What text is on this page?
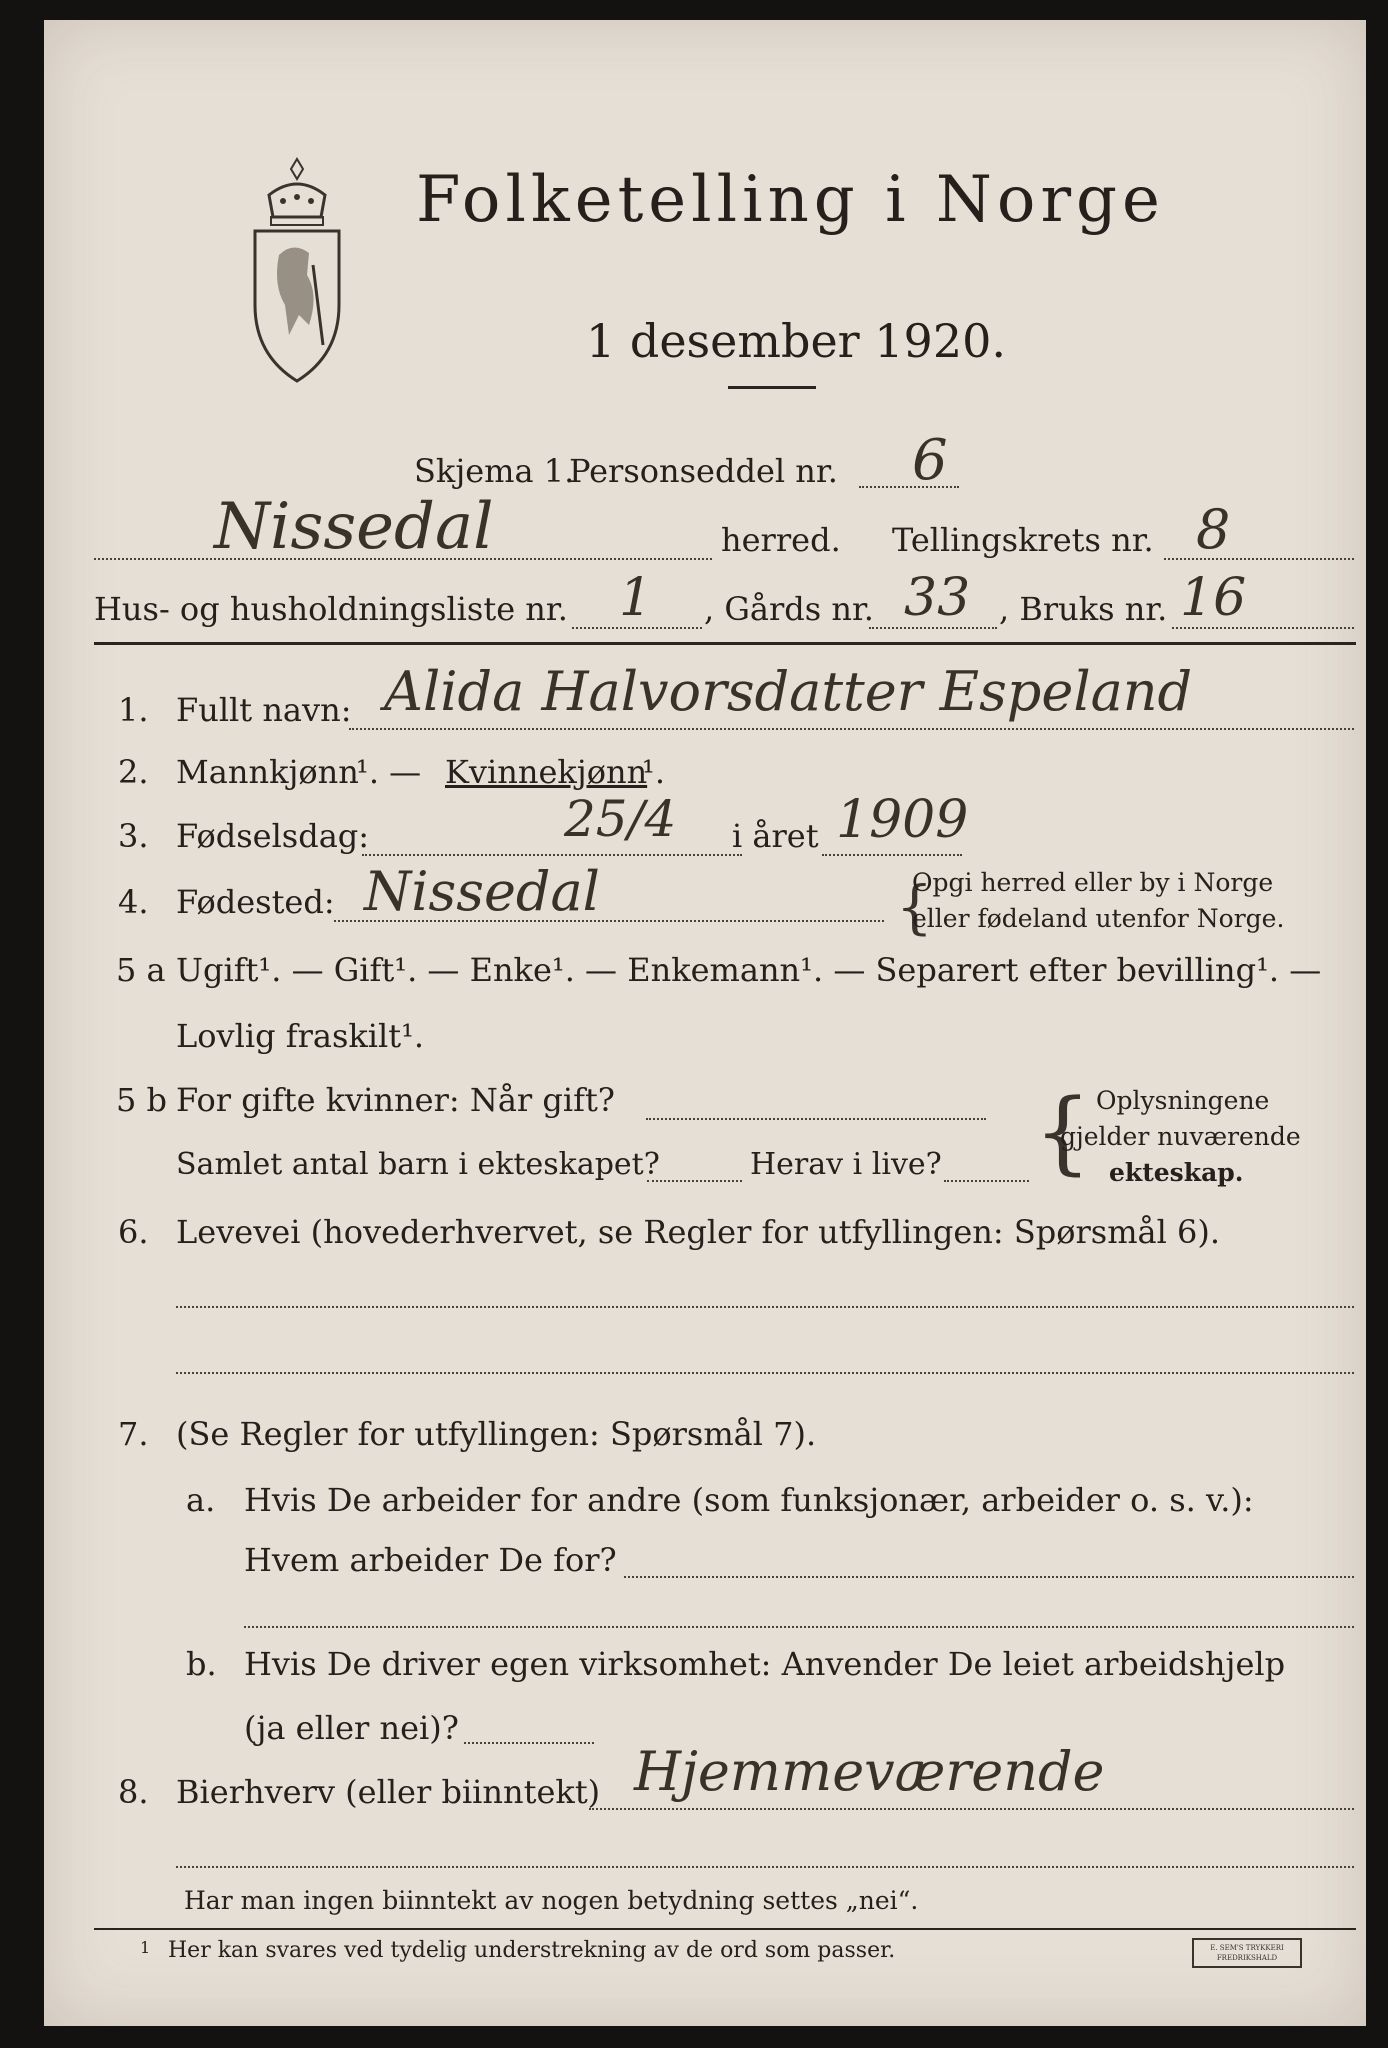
Folketelling i Norge
1 desember 1920.
Skjema 1.
Personseddel nr. 6
Nissedal	herred. Tellingskrets nr. 8
Hus- og husholdningsliste nr. 1 , Gårds nr. 33 , Bruks nr. 16
1. Fullt navn: Alida Halvorsdatter Espeland
2. Mannkjønn
¹. — Kvinnekjønn
¹.
3. Fødselsdag:	25/4 i året 1909
4. Fødested: Nissedal	{
Opgi herred eller by i Norge
eller fødeland utenfor Norge.
5 a Ugift¹. — Gift¹. — Enke¹. — Enkemann¹. — Separert efter bevilling¹. —
Lovlig fraskilt¹.
5 b For gifte kvinner: Når gift?
Samlet antal barn i ekteskapet?	Herav i live? { Oplysningene
gjelder nuværende
ekteskap.
6. Levevei (hovederhvervet, se Regler for utfyllingen: Spørsmål 6).
7. (Se Regler for utfyllingen: Spørsmål 7).
a. Hvis De arbeider for andre (som funksjonær, arbeider o. s. v.):
Hvem arbeider De for?
b. Hvis De driver egen virksomhet: Anvender De leiet arbeidshjelp
(ja eller nei)?
8. Bierhverv (eller biinntekt) Hjemmeværende
Har man ingen biinntekt av nogen betydning settes „nei“.
1 Her kan svares ved tydelig understrekning av de ord som passer.	E. SEM'S TRYKKERI FREDRIKSHALD
